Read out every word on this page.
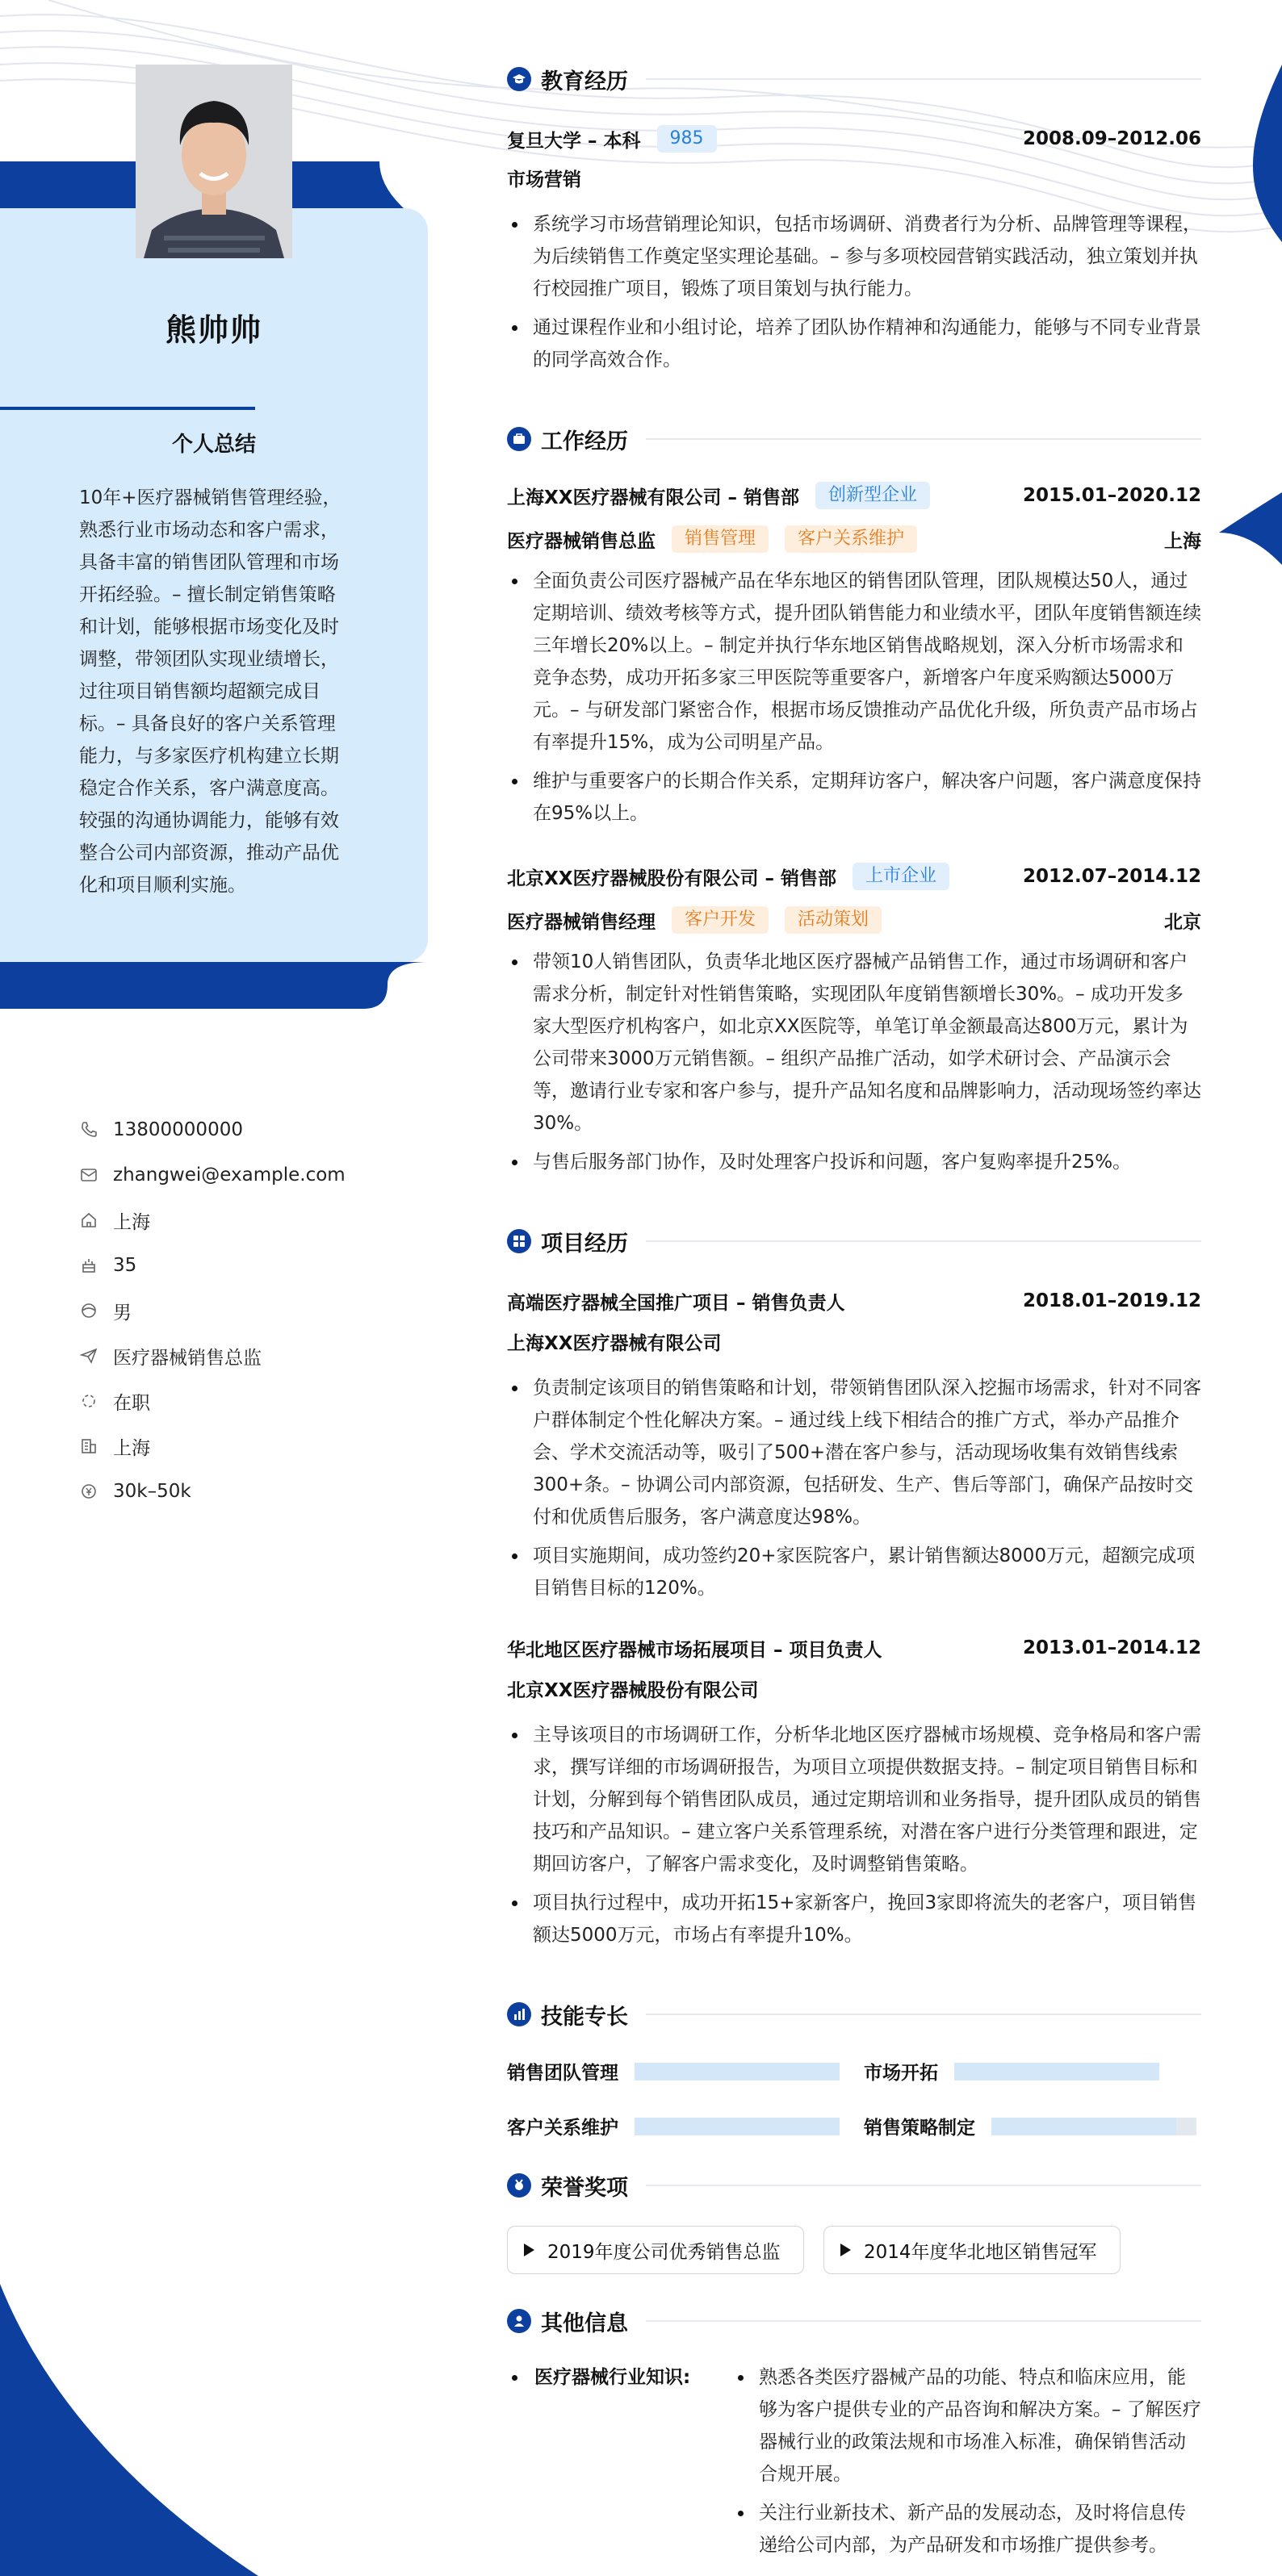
熊帅帅
个人总结
10年+医疗器械销售管理经验，熟悉行业市场动态和客户需求，具备丰富的销售团队管理和市场开拓经验。– 擅长制定销售策略和计划，能够根据市场变化及时调整，带领团队实现业绩增长，过往项目销售额均超额完成目标。– 具备良好的客户关系管理能力，与多家医疗机构建立长期稳定合作关系，客户满意度高。 较强的沟通协调能力，能够有效整合公司内部资源，推动产品优化和项目顺利实施。
13800000000
zhangwei@example.com
上海
35
男
医疗器械销售总监
在职
上海
30k–50k
教育经历
复旦大学 – 本科	985	2008.09–2012.06
市场营销
系统学习市场营销理论知识，包括市场调研、消费者行为分析、品牌管理等课程，为后续销售工作奠定坚实理论基础。– 参与多项校园营销实践活动，独立策划并执行校园推广项目，锻炼了项目策划与执行能力。
通过课程作业和小组讨论，培养了团队协作精神和沟通能力，能够与不同专业背景的同学高效合作。
工作经历
上海XX医疗器械有限公司 – 销售部	创新型企业	2015.01–2020.12
医疗器械销售总监	销售管理	客户关系维护	上海
全面负责公司医疗器械产品在华东地区的销售团队管理，团队规模达50人，通过定期培训、绩效考核等方式，提升团队销售能力和业绩水平，团队年度销售额连续三年增长20%以上。– 制定并执行华东地区销售战略规划，深入分析市场需求和竞争态势，成功开拓多家三甲医院等重要客户，新增客户年度采购额达5000万元。– 与研发部门紧密合作，根据市场反馈推动产品优化升级，所负责产品市场占有率提升15%，成为公司明星产品。
维护与重要客户的长期合作关系，定期拜访客户，解决客户问题，客户满意度保持在95%以上。
北京XX医疗器械股份有限公司 – 销售部	上市企业	2012.07–2014.12
医疗器械销售经理	客户开发	活动策划	北京
带领10人销售团队，负责华北地区医疗器械产品销售工作，通过市场调研和客户需求分析，制定针对性销售策略，实现团队年度销售额增长30%。– 成功开发多家大型医疗机构客户，如北京XX医院等，单笔订单金额最高达800万元，累计为公司带来3000万元销售额。– 组织产品推广活动，如学术研讨会、产品演示会等，邀请行业专家和客户参与，提升产品知名度和品牌影响力，活动现场签约率达30%。
与售后服务部门协作，及时处理客户投诉和问题，客户复购率提升25%。
项目经历
高端医疗器械全国推广项目 – 销售负责人	2018.01–2019.12
上海XX医疗器械有限公司
负责制定该项目的销售策略和计划，带领销售团队深入挖掘市场需求，针对不同客户群体制定个性化解决方案。– 通过线上线下相结合的推广方式，举办产品推介会、学术交流活动等，吸引了500+潜在客户参与，活动现场收集有效销售线索300+条。– 协调公司内部资源，包括研发、生产、售后等部门，确保产品按时交付和优质售后服务，客户满意度达98%。
项目实施期间，成功签约20+家医院客户，累计销售额达8000万元，超额完成项目销售目标的120%。
华北地区医疗器械市场拓展项目 – 项目负责人	2013.01–2014.12
北京XX医疗器械股份有限公司
主导该项目的市场调研工作，分析华北地区医疗器械市场规模、竞争格局和客户需求，撰写详细的市场调研报告，为项目立项提供数据支持。– 制定项目销售目标和计划，分解到每个销售团队成员，通过定期培训和业务指导，提升团队成员的销售技巧和产品知识。– 建立客户关系管理系统，对潜在客户进行分类管理和跟进，定期回访客户，了解客户需求变化，及时调整销售策略。
项目执行过程中，成功开拓15+家新客户，挽回3家即将流失的老客户，项目销售额达5000万元，市场占有率提升10%。
技能专长
销售团队管理	市场开拓
客户关系维护	销售策略制定
荣誉奖项
2019年度公司优秀销售总监	2014年度华北地区销售冠军
其他信息
医疗器械行业知识:	熟悉各类医疗器械产品的功能、特点和临床应用，能够为客户提供专业的产品咨询和解决方案。– 了解医疗器械行业的政策法规和市场准入标准，确保销售活动合规开展。
关注行业新技术、新产品的发展动态，及时将信息传递给公司内部，为产品研发和市场推广提供参考。
